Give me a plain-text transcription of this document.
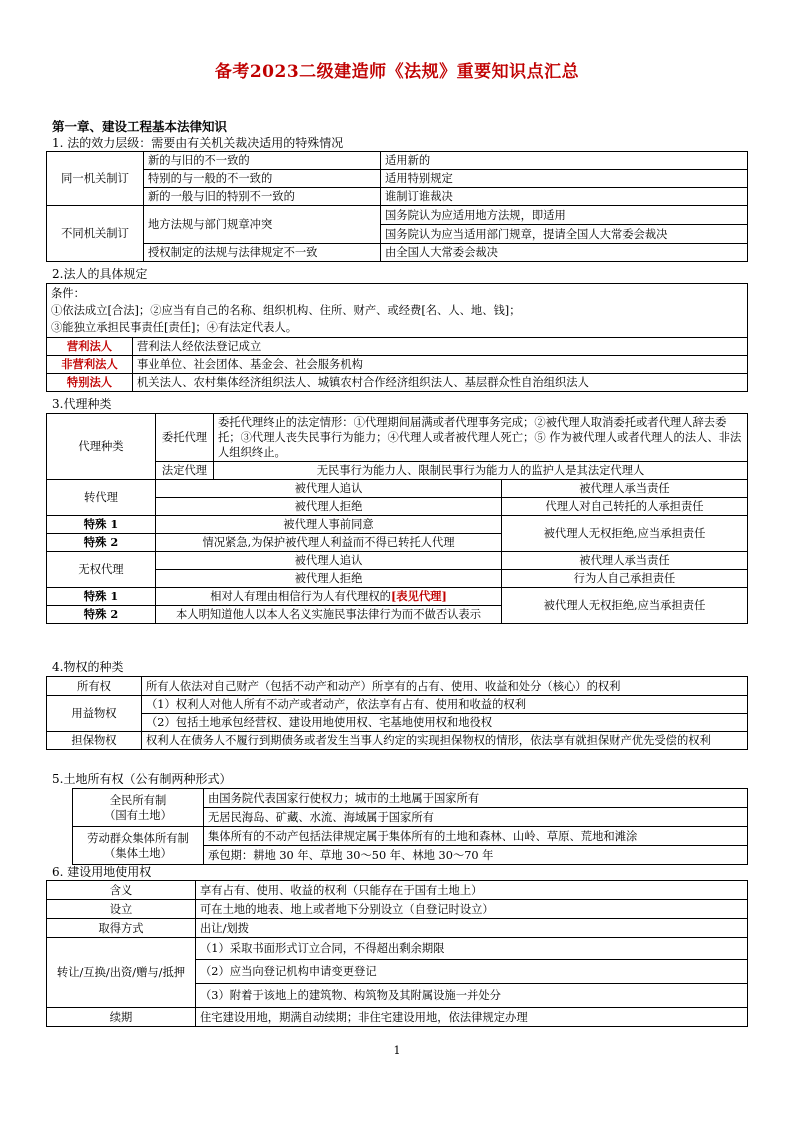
备考2023二级建造师《法规》重要知识点汇总
第一章、建设工程基本法律知识
1. 法的效力层级：需要由有关机关裁决适用的特殊情况
同一机关制订	新的与旧的不一致的	适用新的
	特别的与一般的不一致的	适用特别规定
	新的一般与旧的特别不一致的	谁制订谁裁决
不同机关制订	地方法规与部门规章冲突	国务院认为应适用地方法规，即适用
		国务院认为应当适用部门规章，提请全国人大常委会裁决
	授权制定的法规与法律规定不一致	由全国人大常委会裁决
2.法人的具体规定
条件：
①依法成立[合法]；②应当有自己的名称、组织机构、住所、财产、或经费[名、人、地、钱]；
③能独立承担民事责任[责任]；④有法定代表人。	

营利法人	营利法人经依法登记成立
非营利法人	事业单位、社会团体、基金会、社会服务机构
特别法人	机关法人、农村集体经济组织法人、城镇农村合作经济组织法人、基层群众性自治组织法人
3.代理种类
代理种类	委托代理	委托代理终止的法定情形：①代理期间届满或者代理事务完成；②被代理人取消委托或者代理人辞去委托；③代理人丧失民事行为能力；④代理人或者被代理人死亡；⑤ 作为被代理人或者代理人的法人、非法人组织终止。	
	法定代理	无民事行为能力人、限制民事行为能力人的监护人是其法定代理人	
转代理	被代理人追认		被代理人承当责任
	被代理人拒绝		代理人对自己转托的人承担责任
特殊 1	被代理人事前同意		被代理人无权拒绝,应当承担责任
特殊 2	情况紧急,为保护被代理人利益而不得已转托人代理		
无权代理	被代理人追认		被代理人承当责任
	被代理人拒绝		行为人自己承担责任
特殊 1	相对人有理由相信行为人有代理权的[表见代理]		被代理人无权拒绝,应当承担责任
特殊 2	本人明知道他人以本人名义实施民事法律行为而不做否认表示		
4.物权的种类
所有权	所有人依法对自己财产（包括不动产和动产）所享有的占有、使用、收益和处分（核心）的权利
用益物权	（1）权利人对他人所有不动产或者动产，依法享有占有、使用和收益的权利
	（2）包括土地承包经营权、建设用地使用权、宅基地使用权和地役权
担保物权	权利人在债务人不履行到期债务或者发生当事人约定的实现担保物权的情形，依法享有就担保财产优先受偿的权利
5.土地所有权（公有制两种形式）
全民所有制
（国有土地）	由国务院代表国家行使权力；城市的土地属于国家所有
	无居民海岛、矿藏、水流、海域属于国家所有

劳动群众集体所有制
（集体土地）	集体所有的不动产包括法律规定属于集体所有的土地和森林、山岭、草原、荒地和滩涂
	承包期：耕地 30 年、草地 30～50 年、林地 30～70 年
6. 建设用地使用权
含义	享有占有、使用、收益的权利（只能存在于国有土地上）
设立	可在土地的地表、地上或者地下分别设立（自登记时设立）
取得方式	出让/划拨
转让/互换/出资/赠与/抵押	（1）采取书面形式订立合同，不得超出剩余期限
	（2）应当向登记机构申请变更登记
	（3）附着于该地上的建筑物、构筑物及其附属设施一并处分
续期	住宅建设用地，期满自动续期；非住宅建设用地，依法律规定办理
1
